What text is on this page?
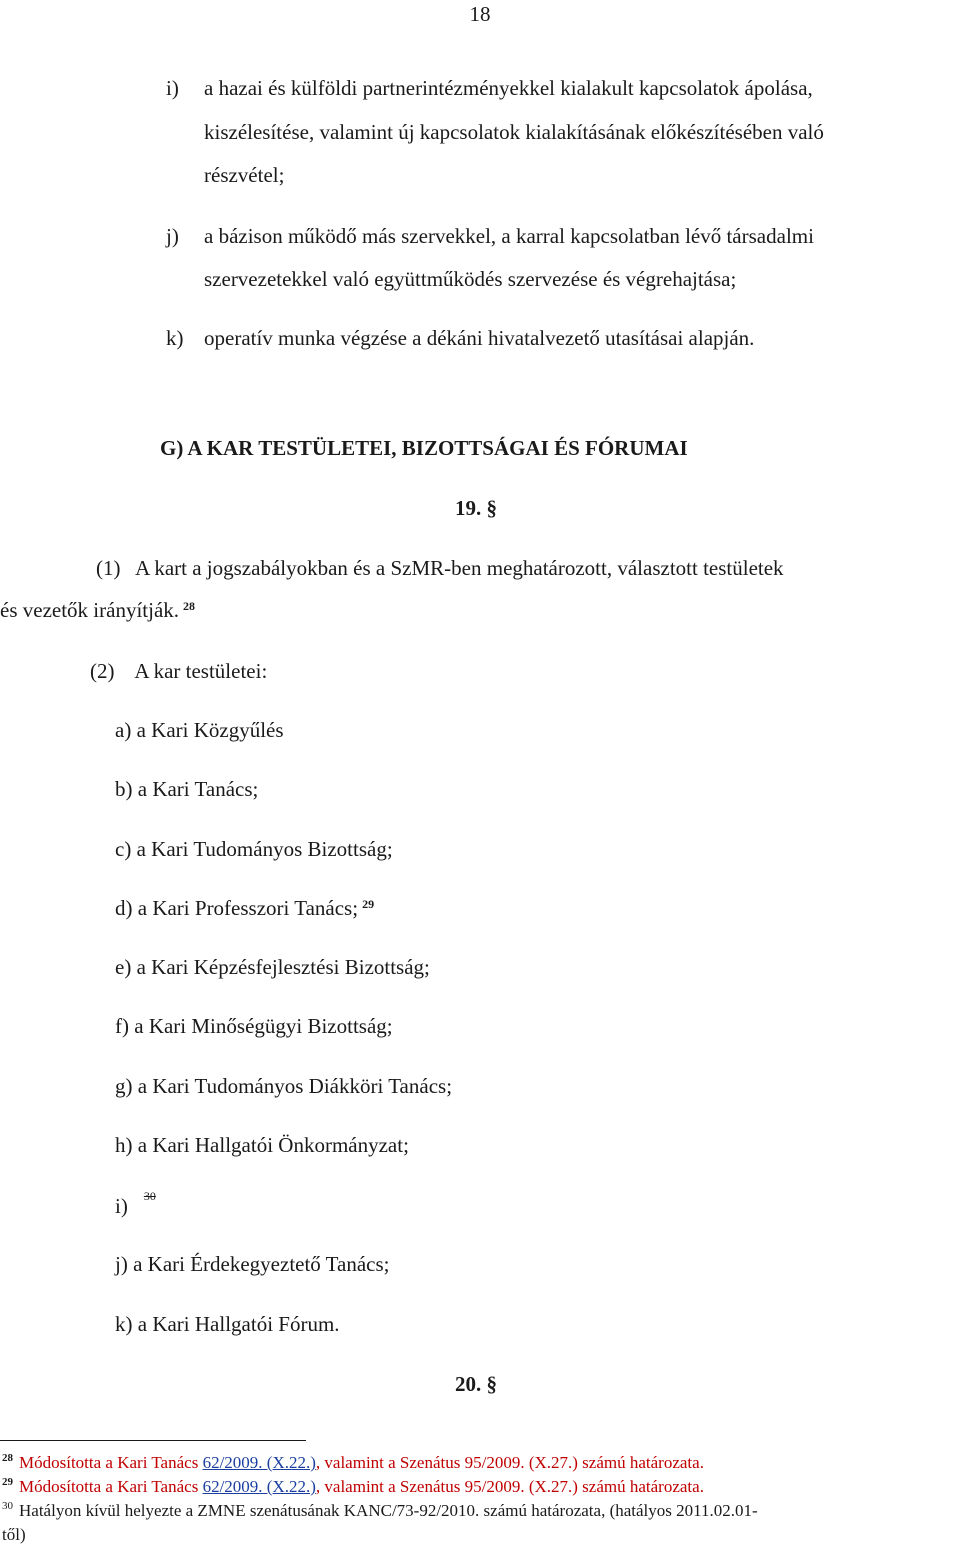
18
i) a hazai és külföldi partnerintézményekkel kialakult kapcsolatok ápolása,
kiszélesítése, valamint új kapcsolatok kialakításának előkészítésében való
részvétel;
j) a bázison működő más szervekkel, a karral kapcsolatban lévő társadalmi
szervezetekkel való együttműködés szervezése és végrehajtása;
k) operatív munka végzése a dékáni hivatalvezető utasításai alapján.
G) A KAR TESTÜLETEI, BIZOTTSÁGAI ÉS FÓRUMAI
19. §
(1)   A kart a jogszabályokban és a SzMR-ben meghatározott, választott testületek
és vezetők irányítják. $^{28}$
(2)    A kar testületei:
a) a Kari Közgyűlés
b) a Kari Tanács;
c) a Kari Tudományos Bizottság;
d) a Kari Professzori Tanács; $^{29}$
e) a Kari Képzésfejlesztési Bizottság;
f) a Kari Minőségügyi Bizottság;
g) a Kari Tudományos Diákköri Tanács;
h) a Kari Hallgatói Önkormányzat;
i) $^{30}$
j) a Kari Érdekegyeztető Tanács;
k) a Kari Hallgatói Fórum.
20. §
$^{28}$ Módosította a Kari Tanács 62/2009. (X.22.), valamint a Szenátus 95/2009. (X.27.) számú határozata.
$^{29}$ Módosította a Kari Tanács 62/2009. (X.22.), valamint a Szenátus 95/2009. (X.27.) számú határozata.
$^{30}$ Hatályon kívül helyezte a ZMNE szenátusának KANC/73-92/2010. számú határozata, (hatályos 2011.02.01-
től)
